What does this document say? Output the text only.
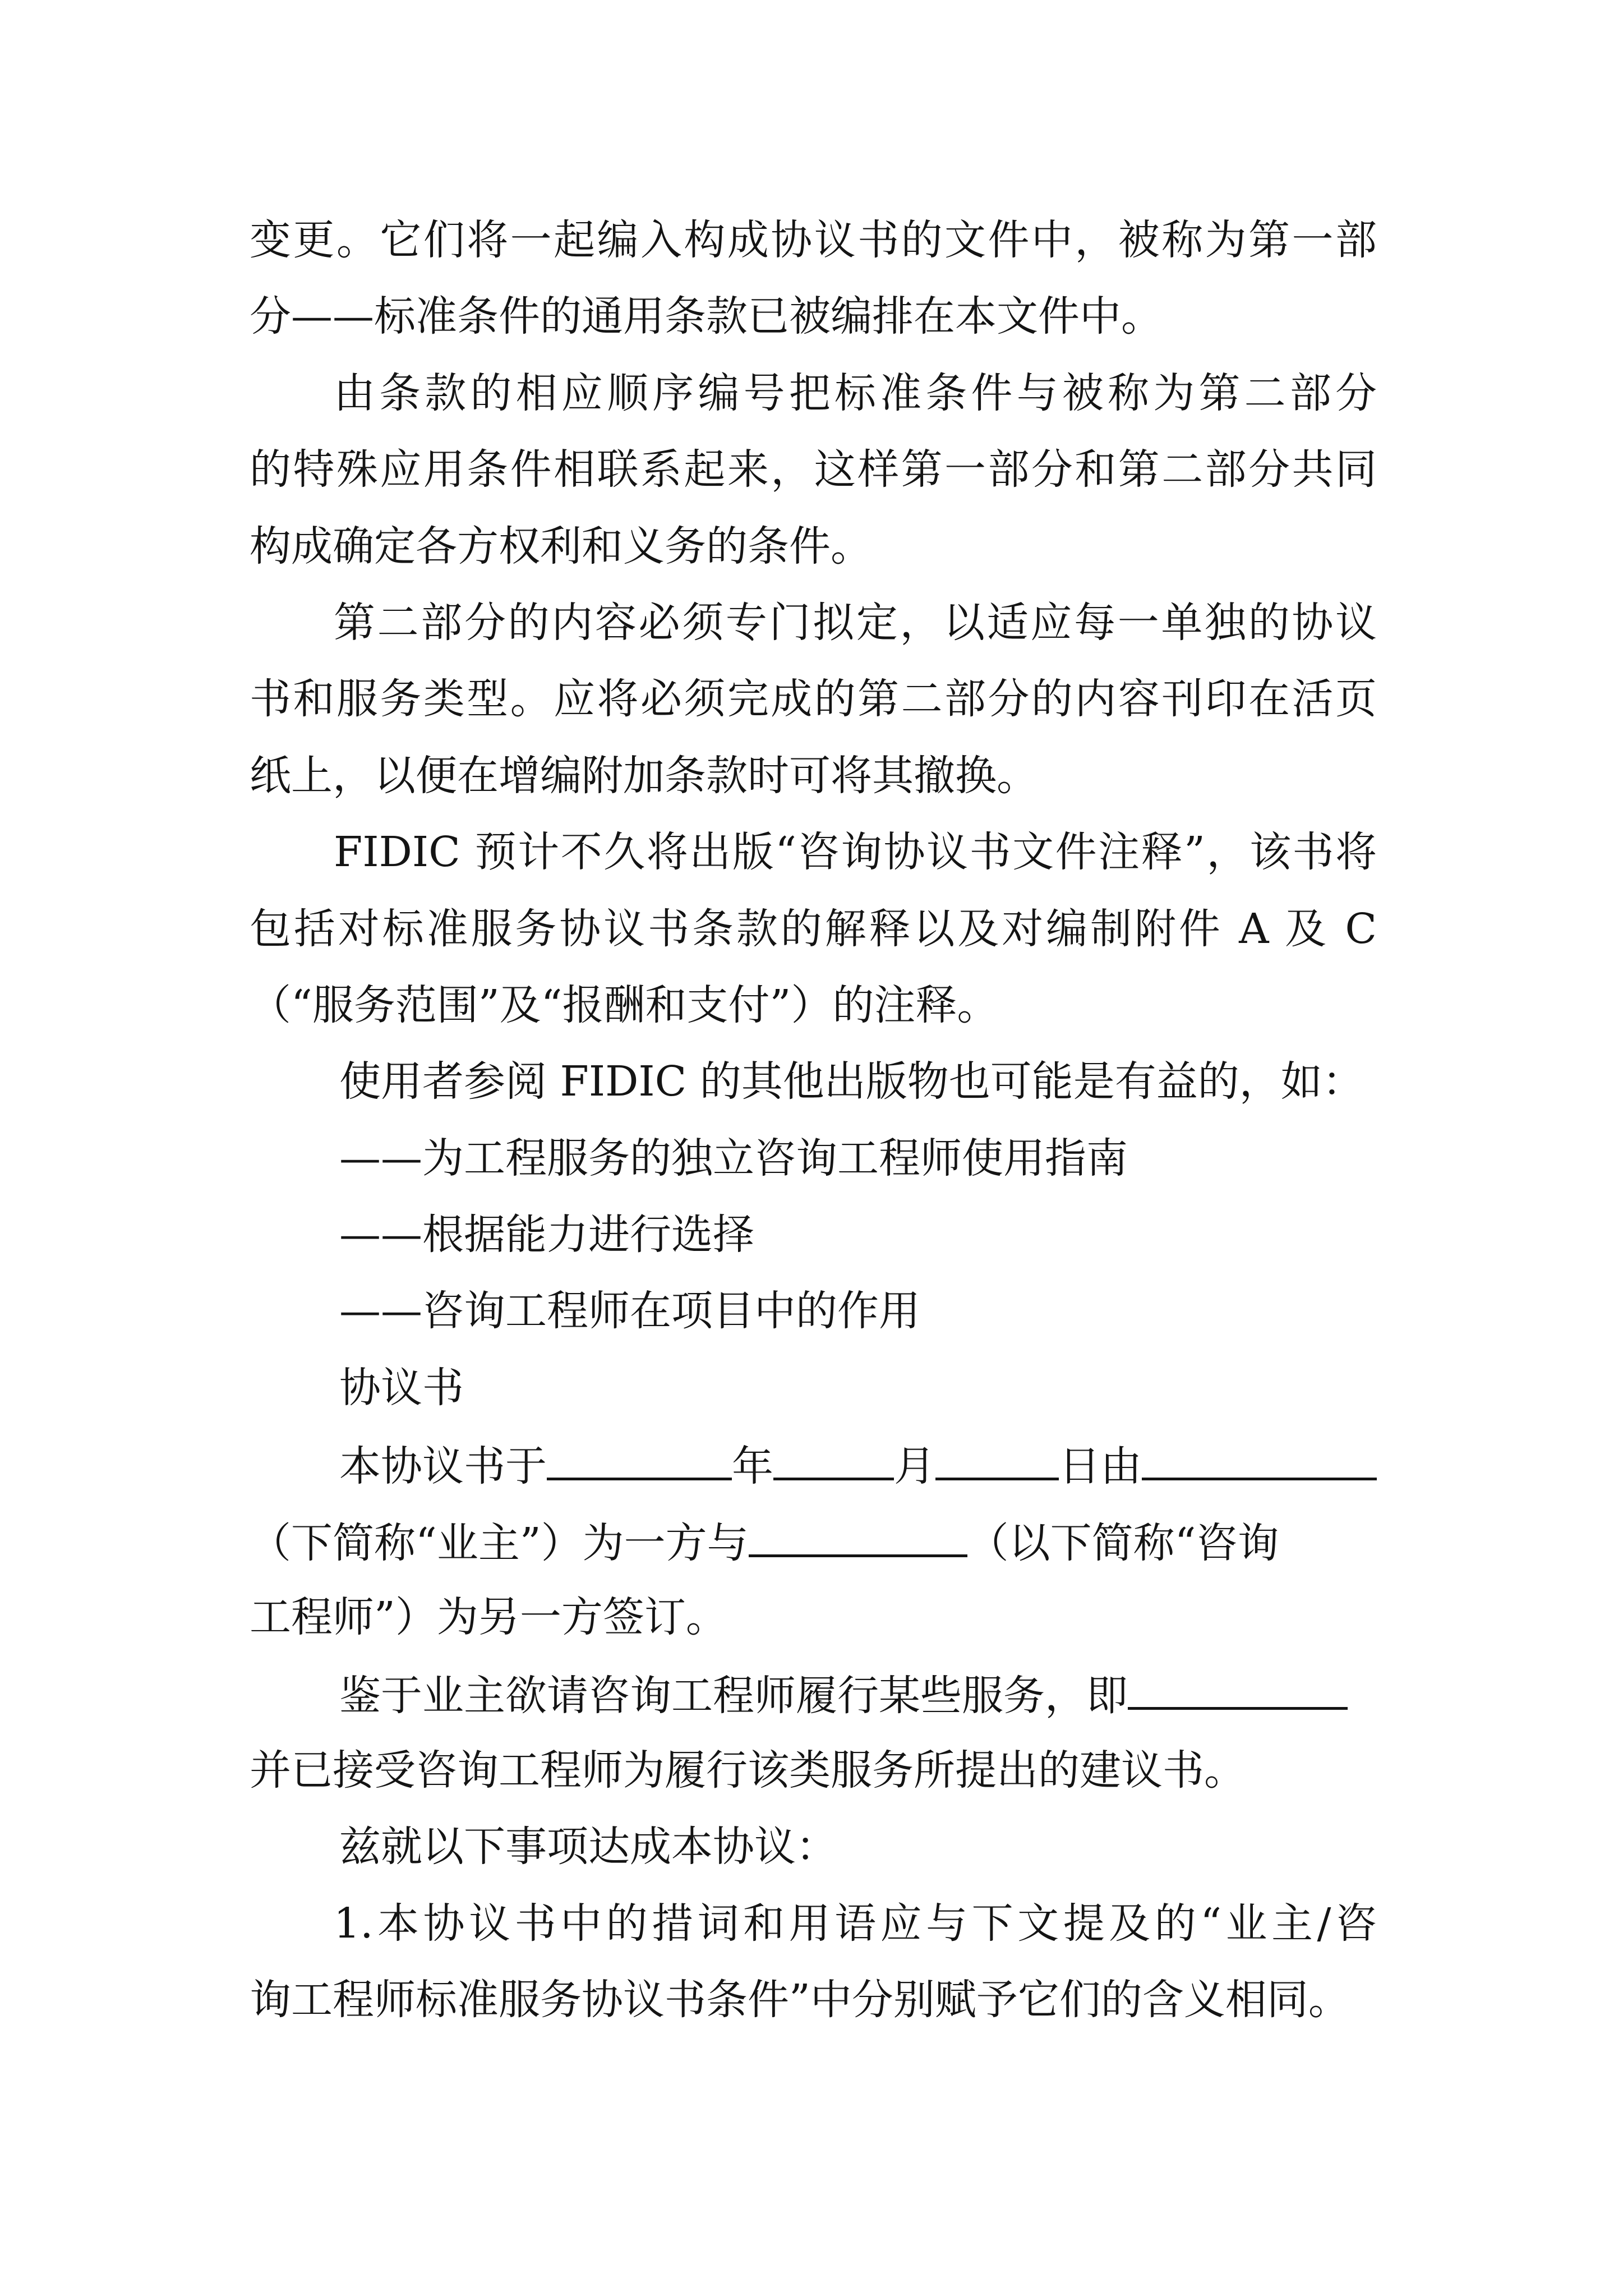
变更。它们将一起编入构成协议书的文件中，被称为第一部
分——标准条件的通用条款已被编排在本文件中。
由条款的相应顺序编号把标准条件与被称为第二部分
的特殊应用条件相联系起来，这样第一部分和第二部分共同
构成确定各方权利和义务的条件。
第二部分的内容必须专门拟定，以适应每一单独的协议
书和服务类型。应将必须完成的第二部分的内容刊印在活页
纸上，以便在增编附加条款时可将其撤换。
FIDIC 预计不久将出版“咨询协议书文件注释”，该书将
包括对标准服务协议书条款的解释以及对编制附件 A 及 C
（“服务范围”及“报酬和支付”）的注释。
使用者参阅 FIDIC 的其他出版物也可能是有益的，如：
——为工程服务的独立咨询工程师使用指南
——根据能力进行选择
——咨询工程师在项目中的作用
协议书
本协议书于	年	月	日由
（下简称“业主”）为一方与	（以下简称“咨询
工程师”）为另一方签订。
鉴于业主欲请咨询工程师履行某些服务，即
并已接受咨询工程师为履行该类服务所提出的建议书。
兹就以下事项达成本协议：
1.本协议书中的措词和用语应与下文提及的“业主/咨
询工程师标准服务协议书条件”中分别赋予它们的含义相同。
